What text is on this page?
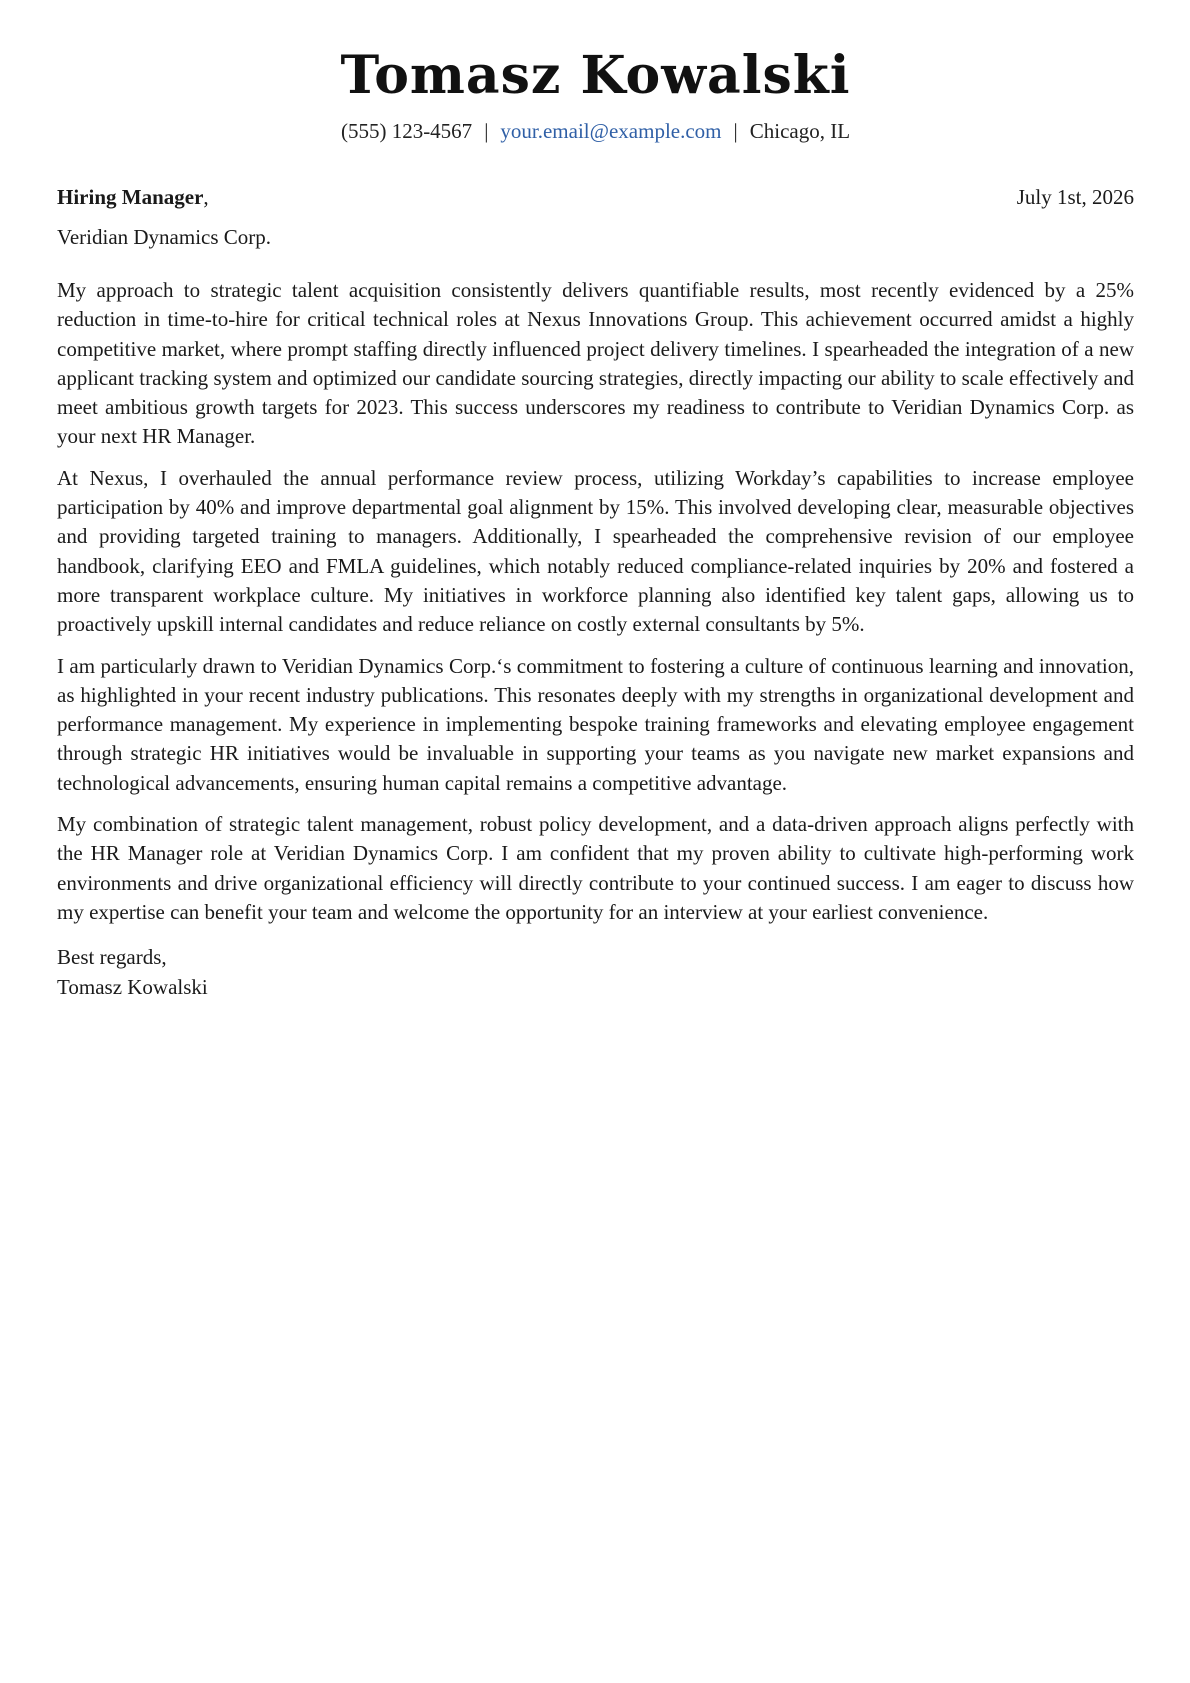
Tomasz Kowalski
(555) 123-4567 | your.email@example.com | Chicago, IL
Hiring Manager,	July 1st, 2026
Veridian Dynamics Corp.

My approach to strategic talent acquisition consistently delivers quantifiable results, most recently evidenced by a 25% reduction in time-to-hire for critical technical roles at Nexus Innovations Group. This achievement occurred amidst a highly competitive market, where prompt staffing directly influenced project delivery timelines. I spearheaded the integration of a new applicant tracking system and optimized our candidate sourcing strategies, directly impacting our ability to scale effectively and meet ambitious growth targets for 2023. This success underscores my readiness to contribute to Veridian Dynamics Corp. as your next HR Manager.

At Nexus, I overhauled the annual performance review process, utilizing Workday’s capabilities to increase employee participation by 40% and improve departmental goal alignment by 15%. This involved developing clear, measurable objectives and providing targeted training to managers. Additionally, I spearheaded the comprehensive revision of our employee handbook, clarifying EEO and FMLA guidelines, which notably reduced compliance-related inquiries by 20% and fostered a more transparent workplace culture. My initiatives in workforce planning also identified key talent gaps, allowing us to proactively upskill internal candidates and reduce reliance on costly external consultants by 5%.

I am particularly drawn to Veridian Dynamics Corp.‘s commitment to fostering a culture of continuous learning and innovation, as highlighted in your recent industry publications. This resonates deeply with my strengths in organizational development and performance management. My experience in implementing bespoke training frameworks and elevating employee engagement through strategic HR initiatives would be invaluable in supporting your teams as you navigate new market expansions and technological advancements, ensuring human capital remains a competitive advantage.

My combination of strategic talent management, robust policy development, and a data-driven approach aligns perfectly with the HR Manager role at Veridian Dynamics Corp. I am confident that my proven ability to cultivate high-performing work environments and drive organizational efficiency will directly contribute to your continued success. I am eager to discuss how my expertise can benefit your team and welcome the opportunity for an interview at your earliest convenience.

Best regards,
Tomasz Kowalski
